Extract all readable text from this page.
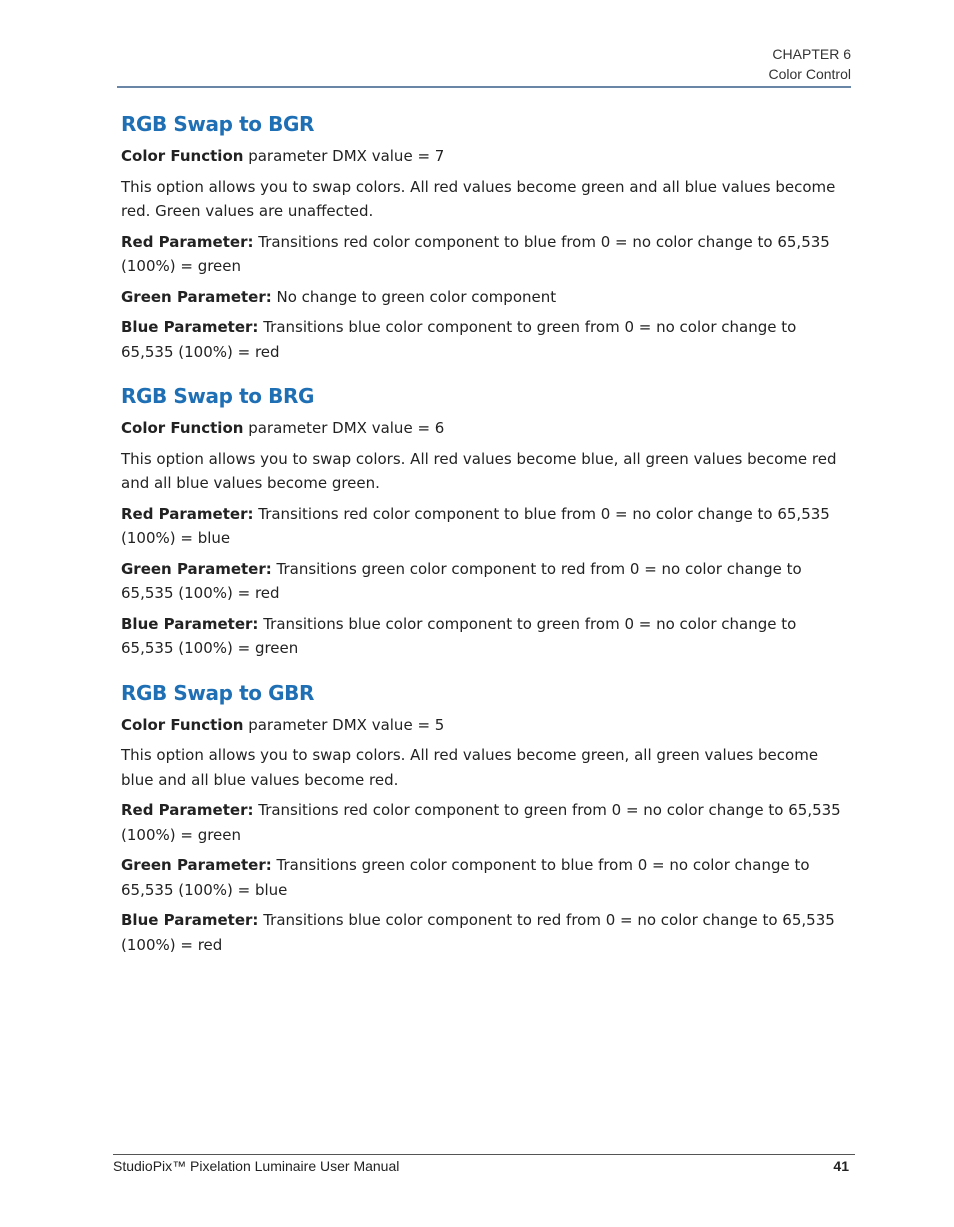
CHAPTER 6
Color Control
RGB Swap to BGR

Color Function parameter DMX value = 7

This option allows you to swap colors. All red values become green and all blue values become red. Green values are unaffected.

Red Parameter: Transitions red color component to blue from 0 = no color change to 65,535 (100%) = green

Green Parameter: No change to green color component

Blue Parameter: Transitions blue color component to green from 0 = no color change to 65,535 (100%) = red

RGB Swap to BRG

Color Function parameter DMX value = 6

This option allows you to swap colors. All red values become blue, all green values become red and all blue values become green.

Red Parameter: Transitions red color component to blue from 0 = no color change to 65,535 (100%) = blue

Green Parameter: Transitions green color component to red from 0 = no color change to 65,535 (100%) = red

Blue Parameter: Transitions blue color component to green from 0 = no color change to 65,535 (100%) = green

RGB Swap to GBR

Color Function parameter DMX value = 5

This option allows you to swap colors. All red values become green, all green values become blue and all blue values become red.

Red Parameter: Transitions red color component to green from 0 = no color change to 65,535 (100%) = green

Green Parameter: Transitions green color component to blue from 0 = no color change to 65,535 (100%) = blue

Blue Parameter: Transitions blue color component to red from 0 = no color change to 65,535 (100%) = red

StudioPix™ Pixelation Luminaire User Manual	41
